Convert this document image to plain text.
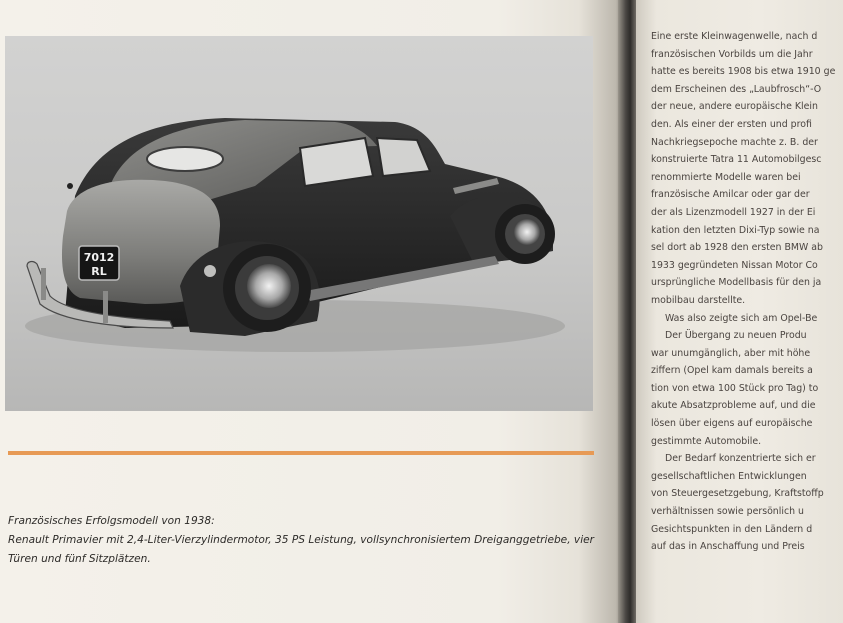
7012
RL
Französisches Erfolgsmodell von 1938:
Renault Primavier mit 2,4-Liter-Vierzylindermotor, 35 PS Leistung, vollsynchronisiertem Dreiganggetriebe, vier
Türen und fünf Sitzplätzen.
Eine erste Kleinwagenwelle, nach d
französischen Vorbilds um die Jahr
hatte es bereits 1908 bis etwa 1910 ge
dem Erscheinen des „Laubfrosch“-O
der neue, andere europäische Klein
den. Als einer der ersten und profi
Nachkriegsepoche machte z. B. der
konstruierte Tatra 11 Automobilgesc
renommierte Modelle waren bei
französische Amilcar oder gar der
der als Lizenzmodell 1927 in der Ei
kation den letzten Dixi-Typ sowie na
sel dort ab 1928 den ersten BMW ab
1933 gegründeten Nissan Motor Co
ursprüngliche Modellbasis für den ja
mobilbau darstellte.
Was also zeigte sich am Opel-Be
Der Übergang zu neuen Produ
war unumgänglich, aber mit höhe
ziffern (Opel kam damals bereits a
tion von etwa 100 Stück pro Tag) to
akute Absatzprobleme auf, und die
lösen über eigens auf europäische
gestimmte Automobile.
Der Bedarf konzentrierte sich er
gesellschaftlichen Entwicklungen
von Steuergesetzgebung, Kraftstoffp
verhältnissen sowie persönlich u
Gesichtspunkten in den Ländern d
auf das in Anschaffung und Preis
